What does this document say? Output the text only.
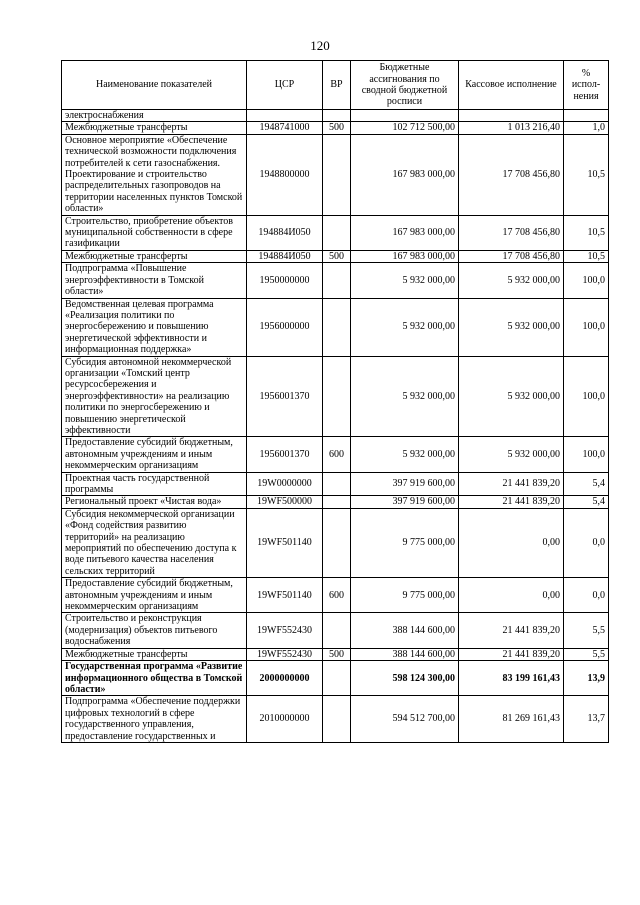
120
Наименование показателей	ЦСР	ВР	Бюджетные ассигнования по сводной бюджетной росписи	Кассовое исполнение	% испол-нения
электроснабжения					
Межбюджетные трансферты	1948741000	500	102 712 500,00	1 013 216,40	1,0
Основное мероприятие «Обеспечение технической возможности подключения потребителей к сети газоснабжения. Проектирование и строительство распределительных газопроводов на территории населенных пунктов Томской области»	1948800000		167 983 000,00	17 708 456,80	10,5
Строительство, приобретение объектов муниципальной собственности в сфере газификации	194884И050		167 983 000,00	17 708 456,80	10,5
Межбюджетные трансферты	194884И050	500	167 983 000,00	17 708 456,80	10,5
Подпрограмма «Повышение энергоэффективности в Томской области»	1950000000		5 932 000,00	5 932 000,00	100,0
Ведомственная целевая программа «Реализация политики по энергосбережению и повышению энергетической эффективности и информационная поддержка»	1956000000		5 932 000,00	5 932 000,00	100,0
Субсидия автономной некоммерческой организации «Томский центр ресурсосбережения и энергоэффективности» на реализацию политики по энергосбережению и повышению энергетической эффективности	1956001370		5 932 000,00	5 932 000,00	100,0
Предоставление субсидий бюджетным, автономным учреждениям и иным некоммерческим организациям	1956001370	600	5 932 000,00	5 932 000,00	100,0
Проектная часть государственной программы	19W0000000		397 919 600,00	21 441 839,20	5,4
Региональный проект «Чистая вода»	19WF500000		397 919 600,00	21 441 839,20	5,4
Субсидия некоммерческой организации «Фонд содействия развитию территорий» на реализацию мероприятий по обеспечению доступа к воде питьевого качества населения сельских территорий	19WF501140		9 775 000,00	0,00	0,0
Предоставление субсидий бюджетным, автономным учреждениям и иным некоммерческим организациям	19WF501140	600	9 775 000,00	0,00	0,0
Строительство и реконструкция (модернизация) объектов питьевого водоснабжения	19WF552430		388 144 600,00	21 441 839,20	5,5
Межбюджетные трансферты	19WF552430	500	388 144 600,00	21 441 839,20	5,5
Государственная программа «Развитие информационного общества в Томской области»	2000000000		598 124 300,00	83 199 161,43	13,9
Подпрограмма «Обеспечение поддержки цифровых технологий в сфере государственного управления, предоставление государственных и	2010000000		594 512 700,00	81 269 161,43	13,7
